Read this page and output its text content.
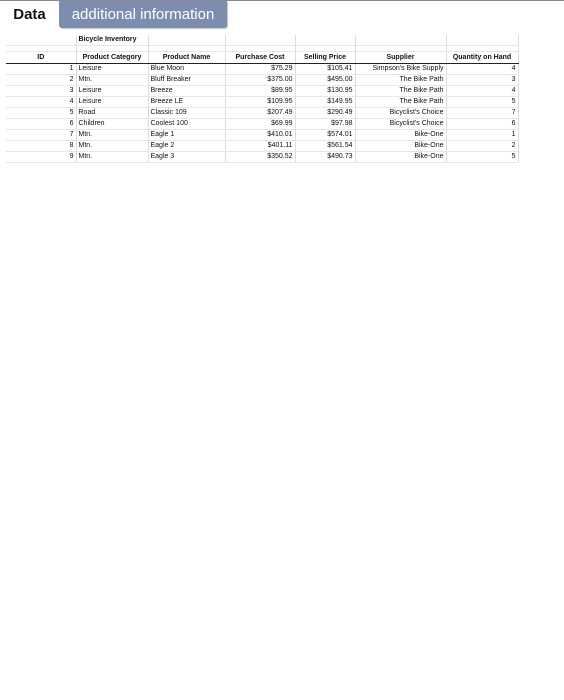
Data	additional information
	Bicycle Inventory					

ID	Product Category	Product Name	Purchase Cost	Selling Price	Supplier	Quantity on Hand
1	Leisure	Blue Moon	$75.29	$105.41	Simpson's Bike Supply	4
2	Mtn.	Bluff Breaker	$375.00	$495.00	The Bike Path	3
3	Leisure	Breeze	$89.95	$130.95	The Bike Path	4
4	Leisure	Breeze LE	$109.95	$149.95	The Bike Path	5
5	Road	Classic 109	$207.49	$290.49	Bicyclist's Choice	7
6	Children	Coolest 100	$69.99	$97.98	Bicyclist's Choice	6
7	Mtn.	Eagle 1	$410.01	$574.01	Bike-One	1
8	Mtn.	Eagle 2	$401.11	$561.54	Bike-One	2
9	Mtn.	Eagle 3	$350.52	$490.73	Bike-One	5
